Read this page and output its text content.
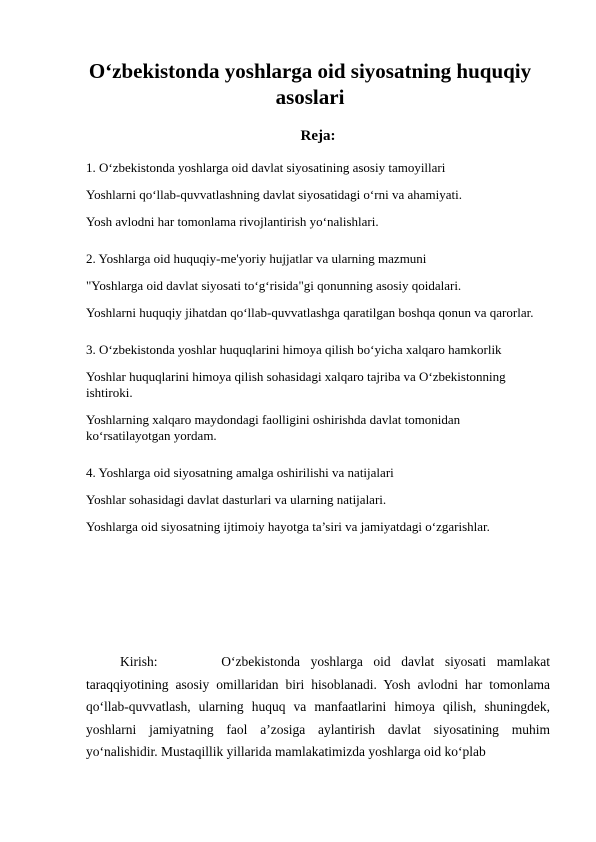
O‘zbekistonda yoshlarga oid siyosatning huquqiy asoslari
Reja:

1. O‘zbekistonda yoshlarga oid davlat siyosatining asosiy tamoyillari

Yoshlarni qo‘llab-quvvatlashning davlat siyosatidagi o‘rni va ahamiyati.

Yosh avlodni har tomonlama rivojlantirish yo‘nalishlari.

2. Yoshlarga oid huquqiy-me'yoriy hujjatlar va ularning mazmuni

"Yoshlarga oid davlat siyosati to‘g‘risida"gi qonunning asosiy qoidalari.

Yoshlarni huquqiy jihatdan qo‘llab-quvvatlashga qaratilgan boshqa qonun va qarorlar.

3. O‘zbekistonda yoshlar huquqlarini himoya qilish bo‘yicha xalqaro hamkorlik

Yoshlar huquqlarini himoya qilish sohasidagi xalqaro tajriba va O‘zbekistonning ishtiroki.

Yoshlarning xalqaro maydondagi faolligini oshirishda davlat tomonidan ko‘rsatilayotgan yordam.

4. Yoshlarga oid siyosatning amalga oshirilishi va natijalari

Yoshlar sohasidagi davlat dasturlari va ularning natijalari.

Yoshlarga oid siyosatning ijtimoiy hayotga ta’siri va jamiyatdagi o‘zgarishlar.

Kirish:	O‘zbekistonda yoshlarga oid davlat siyosati mamlakat taraqqiyotining asosiy omillaridan biri hisoblanadi. Yosh avlodni har tomonlama qo‘llab-quvvatlash, ularning huquq va manfaatlarini himoya qilish, shuningdek, yoshlarni jamiyatning faol a’zosiga aylantirish davlat siyosatining muhim yo‘nalishidir. Mustaqillik yillarida mamlakatimizda yoshlarga oid ko‘plab
